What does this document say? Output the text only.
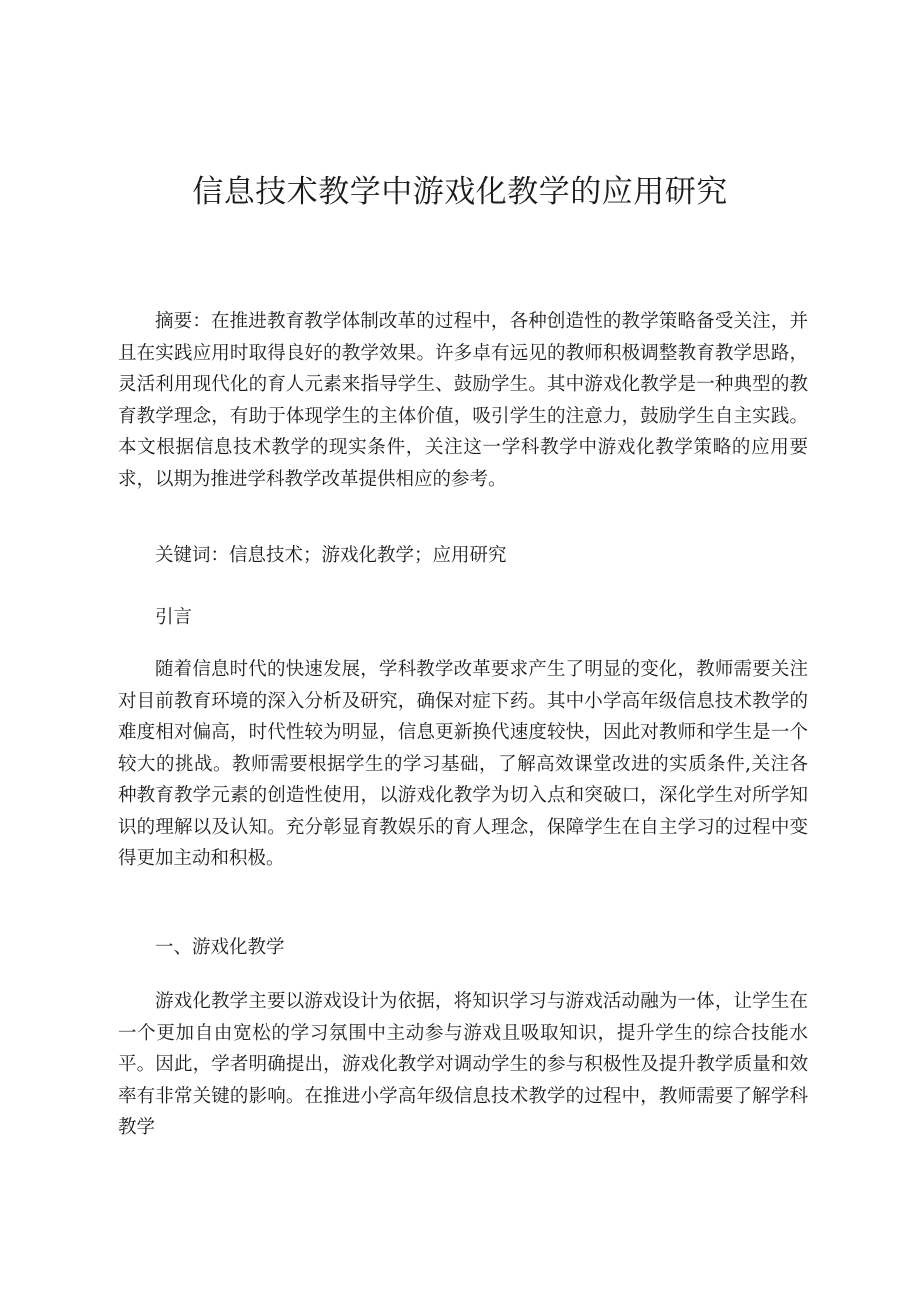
信息技术教学中游戏化教学的应用研究

摘要：在推进教育教学体制改革的过程中，各种创造性的教学策略备受关注，并且在实践应用时取得良好的教学效果。许多卓有远见的教师积极调整教育教学思路，灵活利用现代化的育人元素来指导学生、鼓励学生。其中游戏化教学是一种典型的教育教学理念，有助于体现学生的主体价值，吸引学生的注意力，鼓励学生自主实践。本文根据信息技术教学的现实条件，关注这一学科教学中游戏化教学策略的应用要求，以期为推进学科教学改革提供相应的参考。

关键词：信息技术；游戏化教学；应用研究

引言

随着信息时代的快速发展，学科教学改革要求产生了明显的变化，教师需要关注对目前教育环境的深入分析及研究，确保对症下药。其中小学高年级信息技术教学的难度相对偏高，时代性较为明显，信息更新换代速度较快，因此对教师和学生是一个较大的挑战。教师需要根据学生的学习基础，了解高效课堂改进的实质条件,关注各种教育教学元素的创造性使用，以游戏化教学为切入点和突破口，深化学生对所学知识的理解以及认知。充分彰显育教娱乐的育人理念，保障学生在自主学习的过程中变得更加主动和积极。

一、游戏化教学

游戏化教学主要以游戏设计为依据，将知识学习与游戏活动融为一体，让学生在一个更加自由宽松的学习氛围中主动参与游戏且吸取知识，提升学生的综合技能水平。因此，学者明确提出，游戏化教学对调动学生的参与积极性及提升教学质量和效率有非常关键的影响。在推进小学高年级信息技术教学的过程中，教师需要了解学科教学
